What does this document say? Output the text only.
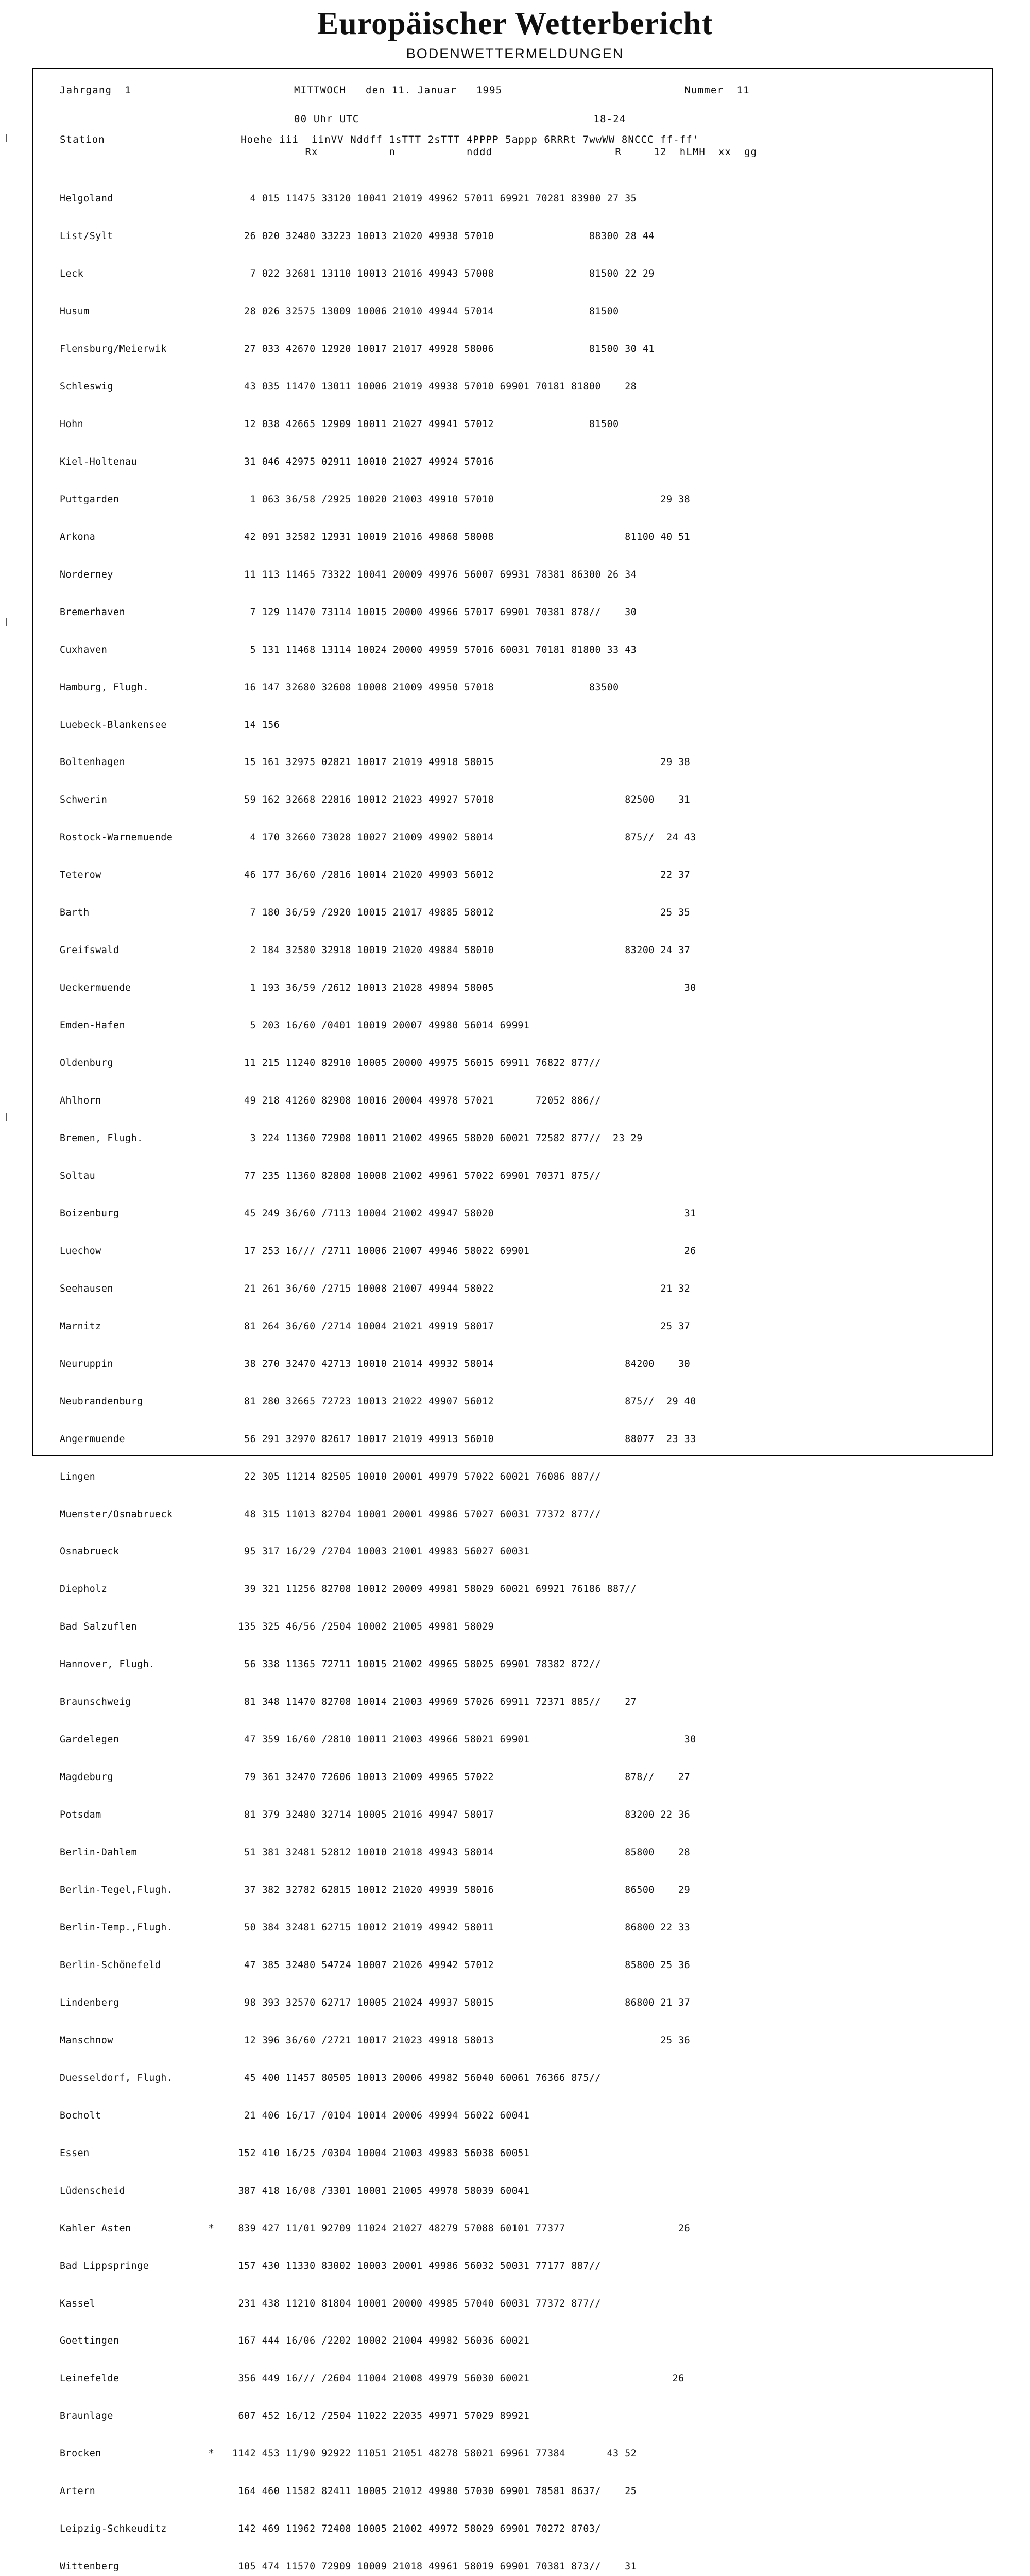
Europäischer Wetterbericht
BODENWETTERMELDUNGEN
Jahrgang  1                         MITTWOCH   den 11. Januar   1995                            Nummer  11
00 Uhr UTC                                    18-24
Station                     Hoehe iii  iinVV Nddff 1sTTT 2sTTT 4PPPP 5appp 6RRRt 7wwWW 8NCCC ff-ff'
Rx           n           nddd                   R     12  hLMH  xx  gg

Helgoland                       4 015 11475 33120 10041 21019 49962 57011 69921 70281 83900 27 35

List/Sylt                      26 020 32480 33223 10013 21020 49938 57010                88300 28 44

Leck                            7 022 32681 13110 10013 21016 49943 57008                81500 22 29

Husum                          28 026 32575 13009 10006 21010 49944 57014                81500

Flensburg/Meierwik             27 033 42670 12920 10017 21017 49928 58006                81500 30 41

Schleswig                      43 035 11470 13011 10006 21019 49938 57010 69901 70181 81800    28

Hohn                           12 038 42665 12909 10011 21027 49941 57012                81500

Kiel-Holtenau                  31 046 42975 02911 10010 21027 49924 57016

Puttgarden                      1 063 36/58 /2925 10020 21003 49910 57010                            29 38

Arkona                         42 091 32582 12931 10019 21016 49868 58008                      81100 40 51

Norderney                      11 113 11465 73322 10041 20009 49976 56007 69931 78381 86300 26 34

Bremerhaven                     7 129 11470 73114 10015 20000 49966 57017 69901 70381 878//    30

Cuxhaven                        5 131 11468 13114 10024 20000 49959 57016 60031 70181 81800 33 43

Hamburg, Flugh.                16 147 32680 32608 10008 21009 49950 57018                83500

Luebeck-Blankensee             14 156

Boltenhagen                    15 161 32975 02821 10017 21019 49918 58015                            29 38

Schwerin                       59 162 32668 22816 10012 21023 49927 57018                      82500    31

Rostock-Warnemuende             4 170 32660 73028 10027 21009 49902 58014                      875//  24 43

Teterow                        46 177 36/60 /2816 10014 21020 49903 56012                            22 37

Barth                           7 180 36/59 /2920 10015 21017 49885 58012                            25 35

Greifswald                      2 184 32580 32918 10019 21020 49884 58010                      83200 24 37

Ueckermuende                    1 193 36/59 /2612 10013 21028 49894 58005                                30

Emden-Hafen                     5 203 16/60 /0401 10019 20007 49980 56014 69991

Oldenburg                      11 215 11240 82910 10005 20000 49975 56015 69911 76822 877//

Ahlhorn                        49 218 41260 82908 10016 20004 49978 57021       72052 886//

Bremen, Flugh.                  3 224 11360 72908 10011 21002 49965 58020 60021 72582 877//  23 29

Soltau                         77 235 11360 82808 10008 21002 49961 57022 69901 70371 875//

Boizenburg                     45 249 36/60 /7113 10004 21002 49947 58020                                31

Luechow                        17 253 16/// /2711 10006 21007 49946 58022 69901                          26

Seehausen                      21 261 36/60 /2715 10008 21007 49944 58022                            21 32

Marnitz                        81 264 36/60 /2714 10004 21021 49919 58017                            25 37

Neuruppin                      38 270 32470 42713 10010 21014 49932 58014                      84200    30

Neubrandenburg                 81 280 32665 72723 10013 21022 49907 56012                      875//  29 40

Angermuende                    56 291 32970 82617 10017 21019 49913 56010                      88077  23 33

Lingen                         22 305 11214 82505 10010 20001 49979 57022 60021 76086 887//

Muenster/Osnabrueck            48 315 11013 82704 10001 20001 49986 57027 60031 77372 877//

Osnabrueck                     95 317 16/29 /2704 10003 21001 49983 56027 60031

Diepholz                       39 321 11256 82708 10012 20009 49981 58029 60021 69921 76186 887//

Bad Salzuflen                 135 325 46/56 /2504 10002 21005 49981 58029

Hannover, Flugh.               56 338 11365 72711 10015 21002 49965 58025 69901 78382 872//

Braunschweig                   81 348 11470 82708 10014 21003 49969 57026 69911 72371 885//    27

Gardelegen                     47 359 16/60 /2810 10011 21003 49966 58021 69901                          30

Magdeburg                      79 361 32470 72606 10013 21009 49965 57022                      878//    27

Potsdam                        81 379 32480 32714 10005 21016 49947 58017                      83200 22 36

Berlin-Dahlem                  51 381 32481 52812 10010 21018 49943 58014                      85800    28

Berlin-Tegel,Flugh.            37 382 32782 62815 10012 21020 49939 58016                      86500    29

Berlin-Temp.,Flugh.            50 384 32481 62715 10012 21019 49942 58011                      86800 22 33

Berlin-Schönefeld              47 385 32480 54724 10007 21026 49942 57012                      85800 25 36

Lindenberg                     98 393 32570 62717 10005 21024 49937 58015                      86800 21 37

Manschnow                      12 396 36/60 /2721 10017 21023 49918 58013                            25 36

Duesseldorf, Flugh.            45 400 11457 80505 10013 20006 49982 56040 60061 76366 875//

Bocholt                        21 406 16/17 /0104 10014 20006 49994 56022 60041

Essen                         152 410 16/25 /0304 10004 21003 49983 56038 60051

Lüdenscheid                   387 418 16/08 /3301 10001 21005 49978 58039 60041

Kahler Asten             *    839 427 11/01 92709 11024 21027 48279 57088 60101 77377                   26

Bad Lippspringe               157 430 11330 83002 10003 20001 49986 56032 50031 77177 887//

Kassel                        231 438 11210 81804 10001 20000 49985 57040 60031 77372 877//

Goettingen                    167 444 16/06 /2202 10002 21004 49982 56036 60021

Leinefelde                    356 449 16/// /2604 11004 21008 49979 56030 60021                        26

Braunlage                     607 452 16/12 /2504 11022 22035 49971 57029 89921

Brocken                  *   1142 453 11/90 92922 11051 21051 48278 58021 69961 77384       43 52

Artern                        164 460 11582 82411 10005 21012 49980 57030 69901 78581 8637/    25

Leipzig-Schkeuditz            142 469 11962 72408 10005 21002 49972 58029 69901 70272 8703/

Wittenberg                    105 474 11570 72909 10009 21018 49961 58019 69901 70381 873//    31
